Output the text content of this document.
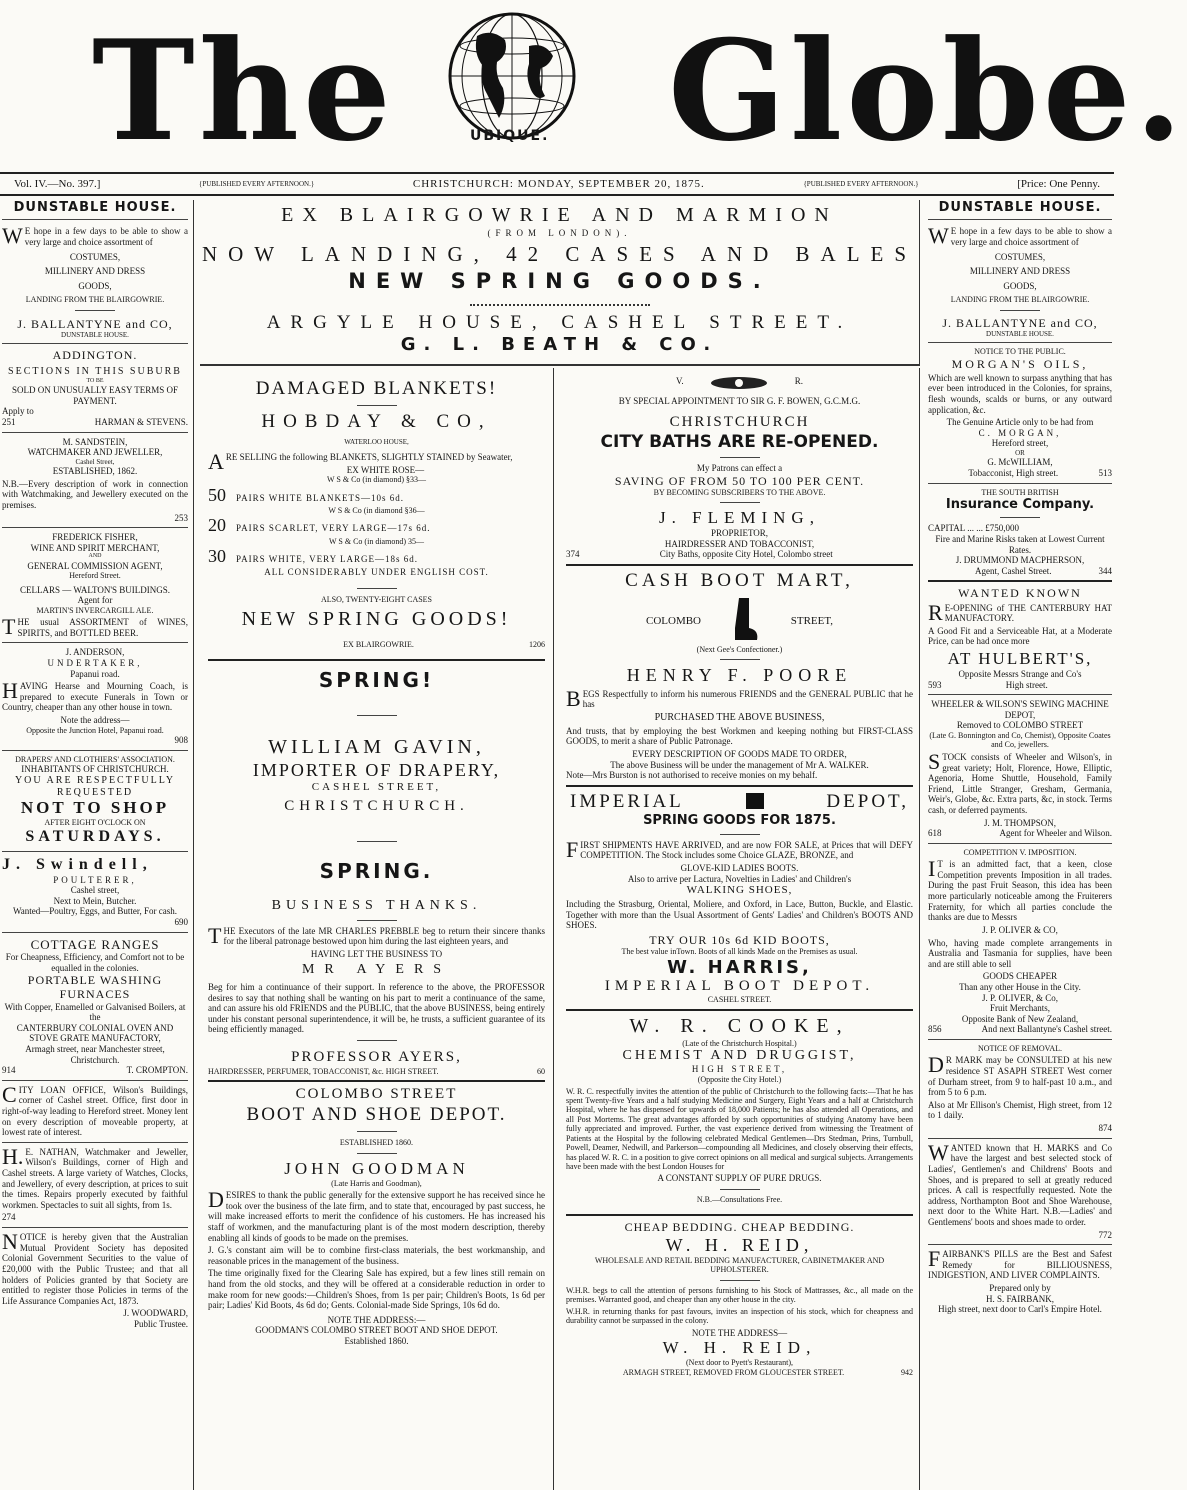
The	UBIQUE. Globe.
Vol. IV.—No. 397.]	{PUBLISHED EVERY AFTERNOON.}	CHRISTCHURCH: MONDAY, SEPTEMBER 20, 1875.	{PUBLISHED EVERY AFTERNOON.}	[Price: One Penny.
EX BLAIRGOWRIE AND MARMION
(FROM LONDON).
NOW LANDING, 42 CASES AND BALES
NEW SPRING GOODS.
ARGYLE HOUSE, CASHEL STREET.
G. L. BEATH & CO.
DUNSTABLE HOUSE.

WE hope in a few days to be able to show a very large and choice assortment of

COSTUMES,
MILLINERY AND DRESS
GOODS,
LANDING FROM THE BLAIRGOWRIE.
J. BALLANTYNE and CO,
DUNSTABLE HOUSE.
ADDINGTON.
SECTIONS IN THIS SUBURB
TO BE
SOLD ON UNUSUALLY EASY TERMS OF PAYMENT.
Apply to
251	HARMAN & STEVENS.
M. SANDSTEIN,
WATCHMAKER AND JEWELLER,
Cashel Street,
ESTABLISHED, 1862.

N.B.—Every description of work in connection with Watchmaking, and Jewellery executed on the premises.

253
FREDERICK FISHER,
WINE AND SPIRIT MERCHANT,
AND
GENERAL COMMISSION AGENT,
Hereford Street.
CELLARS — WALTON'S BUILDINGS.
Agent for
MARTIN'S INVERCARGILL ALE.

THE usual ASSORTMENT of WINES, SPIRITS, and BOTTLED BEER.

J. ANDERSON,
UNDERTAKER,
Papanui road.

HAVING Hearse and Mourning Coach, is prepared to execute Funerals in Town or Country, cheaper than any other house in town.

Note the address—
Opposite the Junction Hotel, Papanui road.
908
DRAPERS' AND CLOTHIERS' ASSOCIATION.
INHABITANTS OF CHRISTCHURCH.
YOU ARE RESPECTFULLY REQUESTED
NOT TO SHOP
AFTER EIGHT O'CLOCK ON
SATURDAYS.
J. Swindell,
POULTERER,
Cashel street,
Next to Mein, Butcher.
Wanted—Poultry, Eggs, and Butter, For cash.
690
COTTAGE RANGES
For Cheapness, Efficiency, and Comfort not to be equalled in the colonies.
PORTABLE WASHING FURNACES
With Copper, Enamelled or Galvanised Boilers, at the
CANTERBURY COLONIAL OVEN AND STOVE GRATE MANUFACTORY,
Armagh street, near Manchester street, Christchurch.
914	T. CROMPTON.

CITY LOAN OFFICE, Wilson's Buildings, corner of Cashel street. Office, first door in right-of-way leading to Hereford street. Money lent on every description of moveable property, at lowest rate of interest.

H.E. NATHAN, Watchmaker and Jeweller, Wilson's Buildings, corner of High and Cashel streets. A large variety of Watches, Clocks, and Jewellery, of every description, at prices to suit the times. Repairs properly executed by faithful workmen. Spectacles to suit all sights, from 1s.

274

NOTICE is hereby given that the Australian Mutual Provident Society has deposited Colonial Government Securities to the value of £20,000 with the Public Trustee; and that all holders of Policies granted by that Society are entitled to register those Policies in terms of the Life Assurance Companies Act, 1873.

J. WOODWARD,
Public Trustee.
DAMAGED BLANKETS!
HOBDAY & CO,
WATERLOO HOUSE,

ARE SELLING the following BLANKETS, SLIGHTLY STAINED by Seawater,

EX WHITE ROSE—
W S & Co (in diamond) §33—
50	PAIRS WHITE BLANKETS—10s 6d.
W S & Co (in diamond §36—
20	PAIRS SCARLET, VERY LARGE—17s 6d.
W S & Co (in diamond) 35—
30	PAIRS WHITE, VERY LARGE—18s 6d.
ALL CONSIDERABLY UNDER ENGLISH COST.
ALSO, TWENTY-EIGHT CASES
NEW SPRING GOODS!
EX BLAIRGOWRIE.	1206
SPRING!
WILLIAM GAVIN,
IMPORTER OF DRAPERY,
CASHEL STREET,
CHRISTCHURCH.
SPRING.
BUSINESS THANKS.

THE Executors of the late MR CHARLES PREBBLE beg to return their sincere thanks for the liberal patronage bestowed upon him during the last eighteen years, and

HAVING LET THE BUSINESS TO
MR AYERS

Beg for him a continuance of their support. In reference to the above, the PROFESSOR desires to say that nothing shall be wanting on his part to merit a continuance of the same, and can assure his old FRIENDS and the PUBLIC, that the above BUSINESS, being entirely under his constant personal superintendence, it will be, he trusts, a sufficient guarantee of its being efficiently managed.

PROFESSOR AYERS,
HAIRDRESSER, PERFUMER, TOBACCONIST, &c. HIGH STREET.	60
COLOMBO STREET
BOOT AND SHOE DEPOT.
ESTABLISHED 1860.
JOHN GOODMAN
(Late Harris and Goodman),

DESIRES to thank the public generally for the extensive support he has received since he took over the business of the late firm, and to state that, encouraged by past success, he will make increased efforts to merit the confidence of his customers. He has increased his staff of workmen, and the manufacturing plant is of the most modern description, thereby enabling all kinds of goods to be made on the premises.

J. G.'s constant aim will be to combine first-class materials, the best workmanship, and reasonable prices in the management of the business.

The time originally fixed for the Clearing Sale has expired, but a few lines still remain on hand from the old stocks, and they will be offered at a considerable reduction in order to make room for new goods:—Children's Shoes, from 1s per pair; Children's Boots, 1s 6d per pair; Ladies' Kid Boots, 4s 6d do; Gents. Colonial-made Side Springs, 10s 6d do.

NOTE THE ADDRESS:—
GOODMAN'S COLOMBO STREET BOOT AND SHOE DEPOT.
Established 1860.
V.	R.
BY SPECIAL APPOINTMENT TO SIR G. F. BOWEN, G.C.M.G.
CHRISTCHURCH
CITY BATHS ARE RE-OPENED.
My Patrons can effect a
SAVING OF FROM 50 TO 100 PER CENT.
BY BECOMING SUBSCRIBERS TO THE ABOVE.
J. FLEMING,
PROPRIETOR,
HAIRDRESSER AND TOBACCONIST,
374	City Baths, opposite City Hotel, Colombo street
CASH BOOT MART,
COLOMBO	STREET,
(Next Gee's Confectioner.)
HENRY F. POORE

BEGS Respectfully to inform his numerous FRIENDS and the GENERAL PUBLIC that he has

PURCHASED THE ABOVE BUSINESS,

And trusts, that by employing the best Workmen and keeping nothing but FIRST-CLASS GOODS, to merit a share of Public Patronage.

EVERY DESCRIPTION OF GOODS MADE TO ORDER,
The above Business will be under the management of Mr A. WALKER.
Note—Mrs Burston is not authorised to receive monies on my behalf.
IMPERIAL	DEPOT,
SPRING GOODS FOR 1875.

FIRST SHIPMENTS HAVE ARRIVED, and are now FOR SALE, at Prices that will DEFY COMPETITION. The Stock includes some Choice GLAZE, BRONZE, and

GLOVE-KID LADIES BOOTS.
Also to arrive per Lactura, Novelties in Ladies' and Children's
WALKING SHOES,

Including the Strasburg, Oriental, Moliere, and Oxford, in Lace, Button, Buckle, and Elastic. Together with more than the Usual Assortment of Gents' Ladies' and Children's BOOTS AND SHOES.

TRY OUR 10s 6d KID BOOTS,
The best value inTown. Boots of all kinds Made on the Premises as usual.
W. HARRIS,
IMPERIAL BOOT DEPOT.
CASHEL STREET.
W. R. COOKE,
(Late of the Christchurch Hospital.)
CHEMIST AND DRUGGIST,
HIGH STREET,
(Opposite the City Hotel.)

W. R. C. respectfully invites the attention of the public of Christchurch to the following facts:—That he has spent Twenty-five Years and a half studying Medicine and Surgery, Eight Years and a half at Christchurch Hospital, where he has dispensed for upwards of 18,000 Patients; he has also attended all Operations, and all Post Mortems. The great advantages afforded by such opportunities of studying Anatomy have been fully appreciated and improved. Further, the vast experience derived from witnessing the Treatment of Patients at the Hospital by the following celebrated Medical Gentlemen—Drs Stedman, Prins, Turnbull, Powell, Deamer, Nedwill, and Parkerson—compounding all Medicines, and closely observing their effects, has placed W. R. C. in a position to give correct opinions on all medical and surgical subjects. Arrangements have been made with the best London Houses for

A CONSTANT SUPPLY OF PURE DRUGS.
N.B.—Consultations Free.
CHEAP BEDDING. CHEAP BEDDING.
W. H. REID,
WHOLESALE AND RETAIL BEDDING MANUFACTURER, CABINETMAKER AND UPHOLSTERER.

W.H.R. begs to call the attention of persons furnishing to his Stock of Mattrasses, &c., all made on the premises. Warranted good, and cheaper than any other house in the city.

W.H.R. in returning thanks for past favours, invites an inspection of his stock, which for cheapness and durability cannot be surpassed in the colony.

NOTE THE ADDRESS—
W. H. REID,
(Next door to Pyett's Restaurant),
ARMAGH STREET, REMOVED FROM GLOUCESTER STREET.	942
DUNSTABLE HOUSE.

WE hope in a few days to be able to show a very large and choice assortment of

COSTUMES,
MILLINERY AND DRESS
GOODS,
LANDING FROM THE BLAIRGOWRIE.
J. BALLANTYNE and CO,
DUNSTABLE HOUSE.
NOTICE TO THE PUBLIC.
MORGAN'S OILS,

Which are well known to surpass anything that has ever been introduced in the Colonies, for sprains, flesh wounds, scalds or burns, or any outward application, &c.

The Genuine Article only to be had from
C. MORGAN,
Hereford street,
OR
G. McWILLIAM,
Tobacconist, High street.	513
THE SOUTH BRITISH
Insurance Company.
CAPITAL ... ... £750,000
Fire and Marine Risks taken at Lowest Current Rates.
J. DRUMMOND MACPHERSON,
Agent, Cashel Street.	344
WANTED KNOWN

RE-OPENING of THE CANTERBURY HAT MANUFACTORY.

A Good Fit and a Serviceable Hat, at a Moderate Price, can be had once more

AT HULBERT'S,
Opposite Messrs Strange and Co's
593	High street.
WHEELER & WILSON'S SEWING MACHINE DEPOT,
Removed to COLOMBO STREET
(Late G. Bonnington and Co, Chemist), Opposite Coates and Co, jewellers.

STOCK consists of Wheeler and Wilson's, in great variety; Holt, Florence, Howe, Elliptic, Agenoria, Home Shuttle, Household, Family Friend, Little Stranger, Gresham, Germania, Weir's, Globe, &c. Extra parts, &c, in stock. Terms cash, or deferred payments.

J. M. THOMPSON,
618	Agent for Wheeler and Wilson.
COMPETITION V. IMPOSITION.

IT is an admitted fact, that a keen, close Competition prevents Imposition in all trades. During the past Fruit Season, this idea has been more particularly noticeable among the Fruiterers Fraternity, for which all parties conclude the thanks are due to Messrs

J. P. OLIVER & CO,

Who, having made complete arrangements in Australia and Tasmania for supplies, have been and are still able to sell

GOODS CHEAPER
Than any other House in the City.
J. P. OLIVER, & Co,
Fruit Merchants,
Opposite Bank of New Zealand,
856	And next Ballantyne's Cashel street.
NOTICE OF REMOVAL.

DR MARK may be CONSULTED at his new residence ST ASAPH STREET West corner of Durham street, from 9 to half-past 10 a.m., and from 5 to 6 p.m.

Also at Mr Ellison's Chemist, High street, from 12 to 1 daily.

874

WANTED known that H. MARKS and Co have the largest and best selected stock of Ladies', Gentlemen's and Childrens' Boots and Shoes, and is prepared to sell at greatly reduced prices. A call is respectfully requested. Note the address, Northampton Boot and Shoe Warehouse, next door to the White Hart. N.B.—Ladies' and Gentlemens' boots and shoes made to order.

772

FAIRBANK'S PILLS are the Best and Safest Remedy for BILLIOUSNESS, INDIGESTION, AND LIVER COMPLAINTS.

Prepared only by
H. S. FAIRBANK,
High street, next door to Carl's Empire Hotel.
